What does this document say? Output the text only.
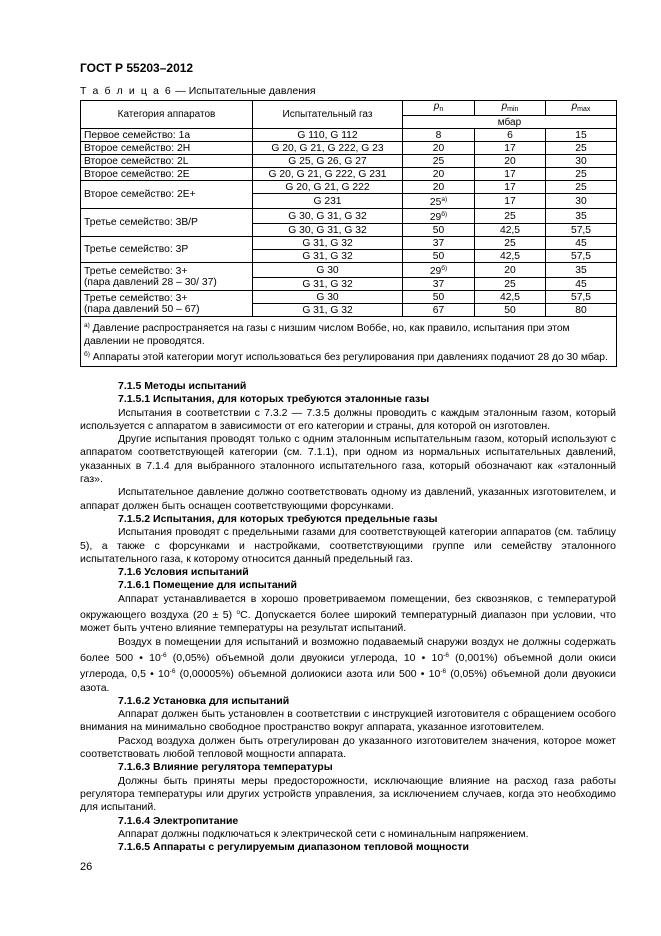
ГОСТ Р 55203–2012
Т а б л и ц а 6 — Испытательные давления
Категория аппаратов	Испытательный газ	$p_n$	$p_{min}$	$p_{max}$
		мбар		
Первое семейство: 1а	G 110, G 112	8	6	15
Второе семейство: 2Н	G 20, G 21, G 222, G 23	20	17	25
Второе семейство: 2L	G 25, G 26, G 27	25	20	30
Второе семейство: 2Е	G 20, G 21, G 222, G 231	20	17	25
Второе семейство: 2Е+	G 20, G 21, G 222	20	17	25
	G 231	25$^{a)}$	17	30
Третье семейство: 3В/Р	G 30, G 31, G 32	$29^{б)}$	25	35
	G 30, G 31, G 32	50	42,5	57,5
Третье семейство: 3Р	G 31, G 32	37	25	45
	G 31, G 32	50	42,5	57,5
Третье семейство: 3+
(пара давлений 28 – 30/ 37)	G 30	$29^{б)}$	20	35
	G 31, G 32	37	25	45
Третье семейство: 3+
(пара давлений 50 – 67)	G 30	50	42,5	57,5
	G 31, G 32	67	50	80

$^{а)}$ Давление распространяется на газы с низшим числом Воббе, но, как правило, испытания при этом давлении не проводятся.
$^{б)}$ Аппараты этой категории могут использоваться без регулирования при давлениях подачиот 28 до 30 мбар.				

7.1.5 Методы испытаний

7.1.5.1 Испытания, для которых требуются эталонные газы

Испытания в соответствии с 7.3.2 — 7.3.5 должны проводить с каждым эталонным газом, который используется с аппаратом в зависимости от его категории и страны, для которой он изготовлен.

Другие испытания проводят только с одним эталонным испытательным газом, который используют с аппаратом соответствующей категории (см. 7.1.1), при одном из нормальных испытательных давлений, указанных в 7.1.4 для выбранного эталонного испытательного газа, который обозначают как «эталонный газ».

Испытательное давление должно соответствовать одному из давлений, указанных изготовителем, и аппарат должен быть оснащен соответствующими форсунками.

7.1.5.2 Испытания, для которых требуются предельные газы

Испытания проводят с предельными газами для соответствующей категории аппаратов (см. таблицу 5), а также с форсунками и настройками, соответствующими группе или семейству эталонного испытательного газа, к которому относится данный предельный газ.

7.1.6 Условия испытаний

7.1.6.1 Помещение для испытаний

Аппарат устанавливается в хорошо проветриваемом помещении, без сквозняков, с температурой окружающего воздуха (20 ± 5) $^о$С. Допускается более широкий температурный диапазон при условии, что может быть учтено влияние температуры на результат испытаний.

Воздух в помещении для испытаний и возможно подаваемый снаружи воздух не должны содержать более 500 • $10^{-6}$ (0,05%) объемной доли двуокиси углерода, 10 • $10^{-6}$ (0,001%) объемной доли окиси углерода, 0,5 • $10^{-6}$ (0,00005%) объемной долиокиси азота или 500 • $10^{-6}$ (0,05%) объемной доли двуокиси азота.

7.1.6.2 Установка для испытаний

Аппарат должен быть установлен в соответствии с инструкцией изготовителя с обращением особого внимания на минимально свободное пространство вокруг аппарата, указанное изготовителем.

Расход воздуха должен быть отрегулирован до указанного изготовителем значения, которое может соответствовать любой тепловой мощности аппарата.

7.1.6.3 Влияние регулятора температуры

Должны быть приняты меры предосторожности, исключающие влияние на расход газа работы регулятора температуры или других устройств управления, за исключением случаев, когда это необходимо для испытаний.

7.1.6.4 Электропитание

Аппарат должны подключаться к электрической сети с номинальным напряжением.

7.1.6.5 Аппараты с регулируемым диапазоном тепловой мощности

26
